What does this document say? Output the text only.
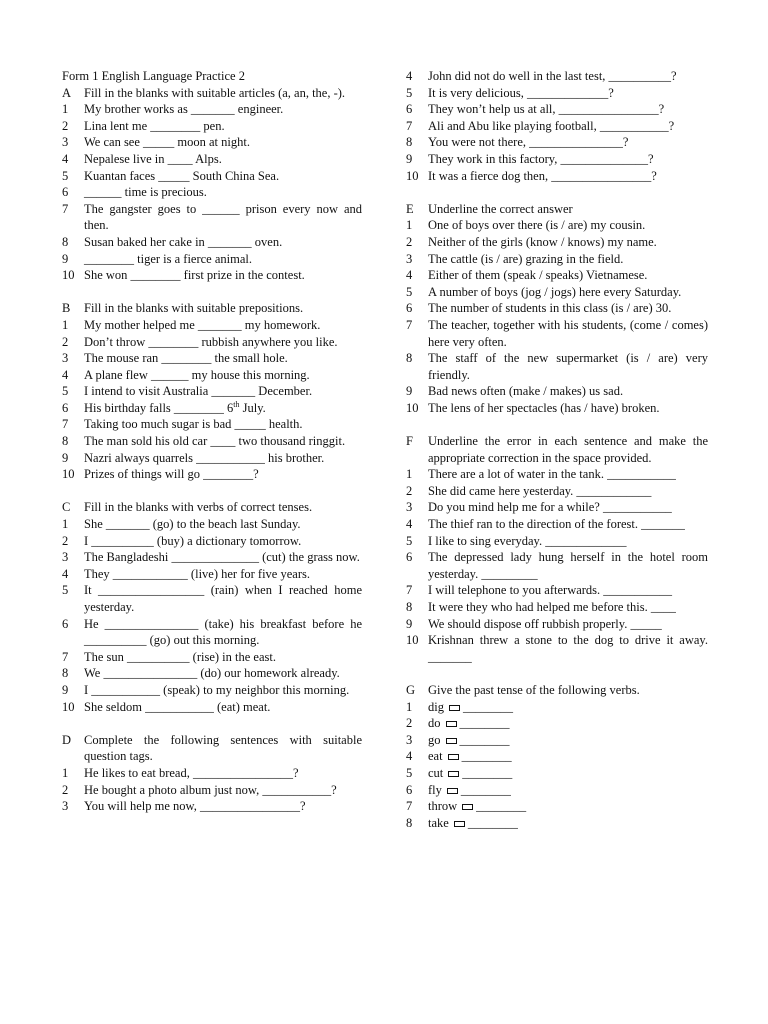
Form 1 English Language Practice 2
A	Fill in the blanks with suitable articles (a, an, the, -).
1	My brother works as _______ engineer.
2	Lina lent me ________ pen.
3	We can see _____ moon at night.
4	Nepalese live in ____ Alps.
5	Kuantan faces _____ South China Sea.
6	______ time is precious.
7	The gangster goes to ______ prison every now and then.
8	Susan baked her cake in _______ oven.
9	________ tiger is a fierce animal.
10 She won ________ first prize in the contest.
B	Fill in the blanks with suitable prepositions.
1	My mother helped me _______ my homework.
2	Don’t throw ________ rubbish anywhere you like.
3	The mouse ran ________ the small hole.
4	A plane flew ______ my house this morning.
5	I intend to visit Australia _______ December.
6	His birthday falls ________ 6th July.
7	Taking too much sugar is bad _____ health.
8	The man sold his old car ____ two thousand ringgit.
9	Nazri always quarrels ___________ his brother.
10 Prizes of things will go ________?
C	Fill in the blanks with verbs of correct tenses.
1	She _______ (go) to the beach last Sunday.
2	I __________ (buy) a dictionary tomorrow.
3	The Bangladeshi ______________ (cut) the grass now.
4	They ____________ (live) her for five years.
5	It _________________ (rain) when I reached home yesterday.
6	He _______________ (take) his breakfast before he __________ (go) out this morning.
7	The sun __________ (rise) in the east.
8	We _______________ (do) our homework already.
9	I ___________ (speak) to my neighbor this morning.
10 She seldom ___________ (eat) meat.
D	Complete the following sentences with suitable question tags.
1	He likes to eat bread, ________________?
2	He bought a photo album just now, ___________?
3	You will help me now, ________________?
4	John did not do well in the last test, __________?
5	It is very delicious, _____________?
6	They won’t help us at all, ________________?
7	Ali and Abu like playing football, ___________?
8	You were not there, _______________?
9	They work in this factory, ______________?
10 It was a fierce dog then, ________________?
E	Underline the correct answer
1	One of boys over there (is / are) my cousin.
2	Neither of the girls (know / knows) my name.
3	The cattle (is / are) grazing in the field.
4	Either of them (speak / speaks) Vietnamese.
5	A number of boys (jog / jogs) here every Saturday.
6	The number of students in this class (is / are) 30.
7	The teacher, together with his students, (come / comes) here very often.
8	The staff of the new supermarket (is / are) very friendly.
9	Bad news often (make / makes) us sad.
10 The lens of her spectacles (has / have) broken.
F	Underline the error in each sentence and make the appropriate correction in the space provided.
1	There are a lot of water in the tank. ___________
2	She did came here yesterday. ____________
3	Do you mind help me for a while? ___________
4	The thief ran to the direction of the forest. _______
5	I like to sing everyday. _____________
6	The depressed lady hung herself in the hotel room yesterday. _________
7	I will telephone to you afterwards. ___________
8	It were they who had helped me before this. ____
9	We should dispose off rubbish properly. _____
10 Krishnan threw a stone to the dog to drive it away. _______
G	Give the past tense of the following verbs.
1	dig ________
2	do ________
3	go ________
4	eat ________
5	cut ________
6	fly ________
7	throw ________
8	take ________
